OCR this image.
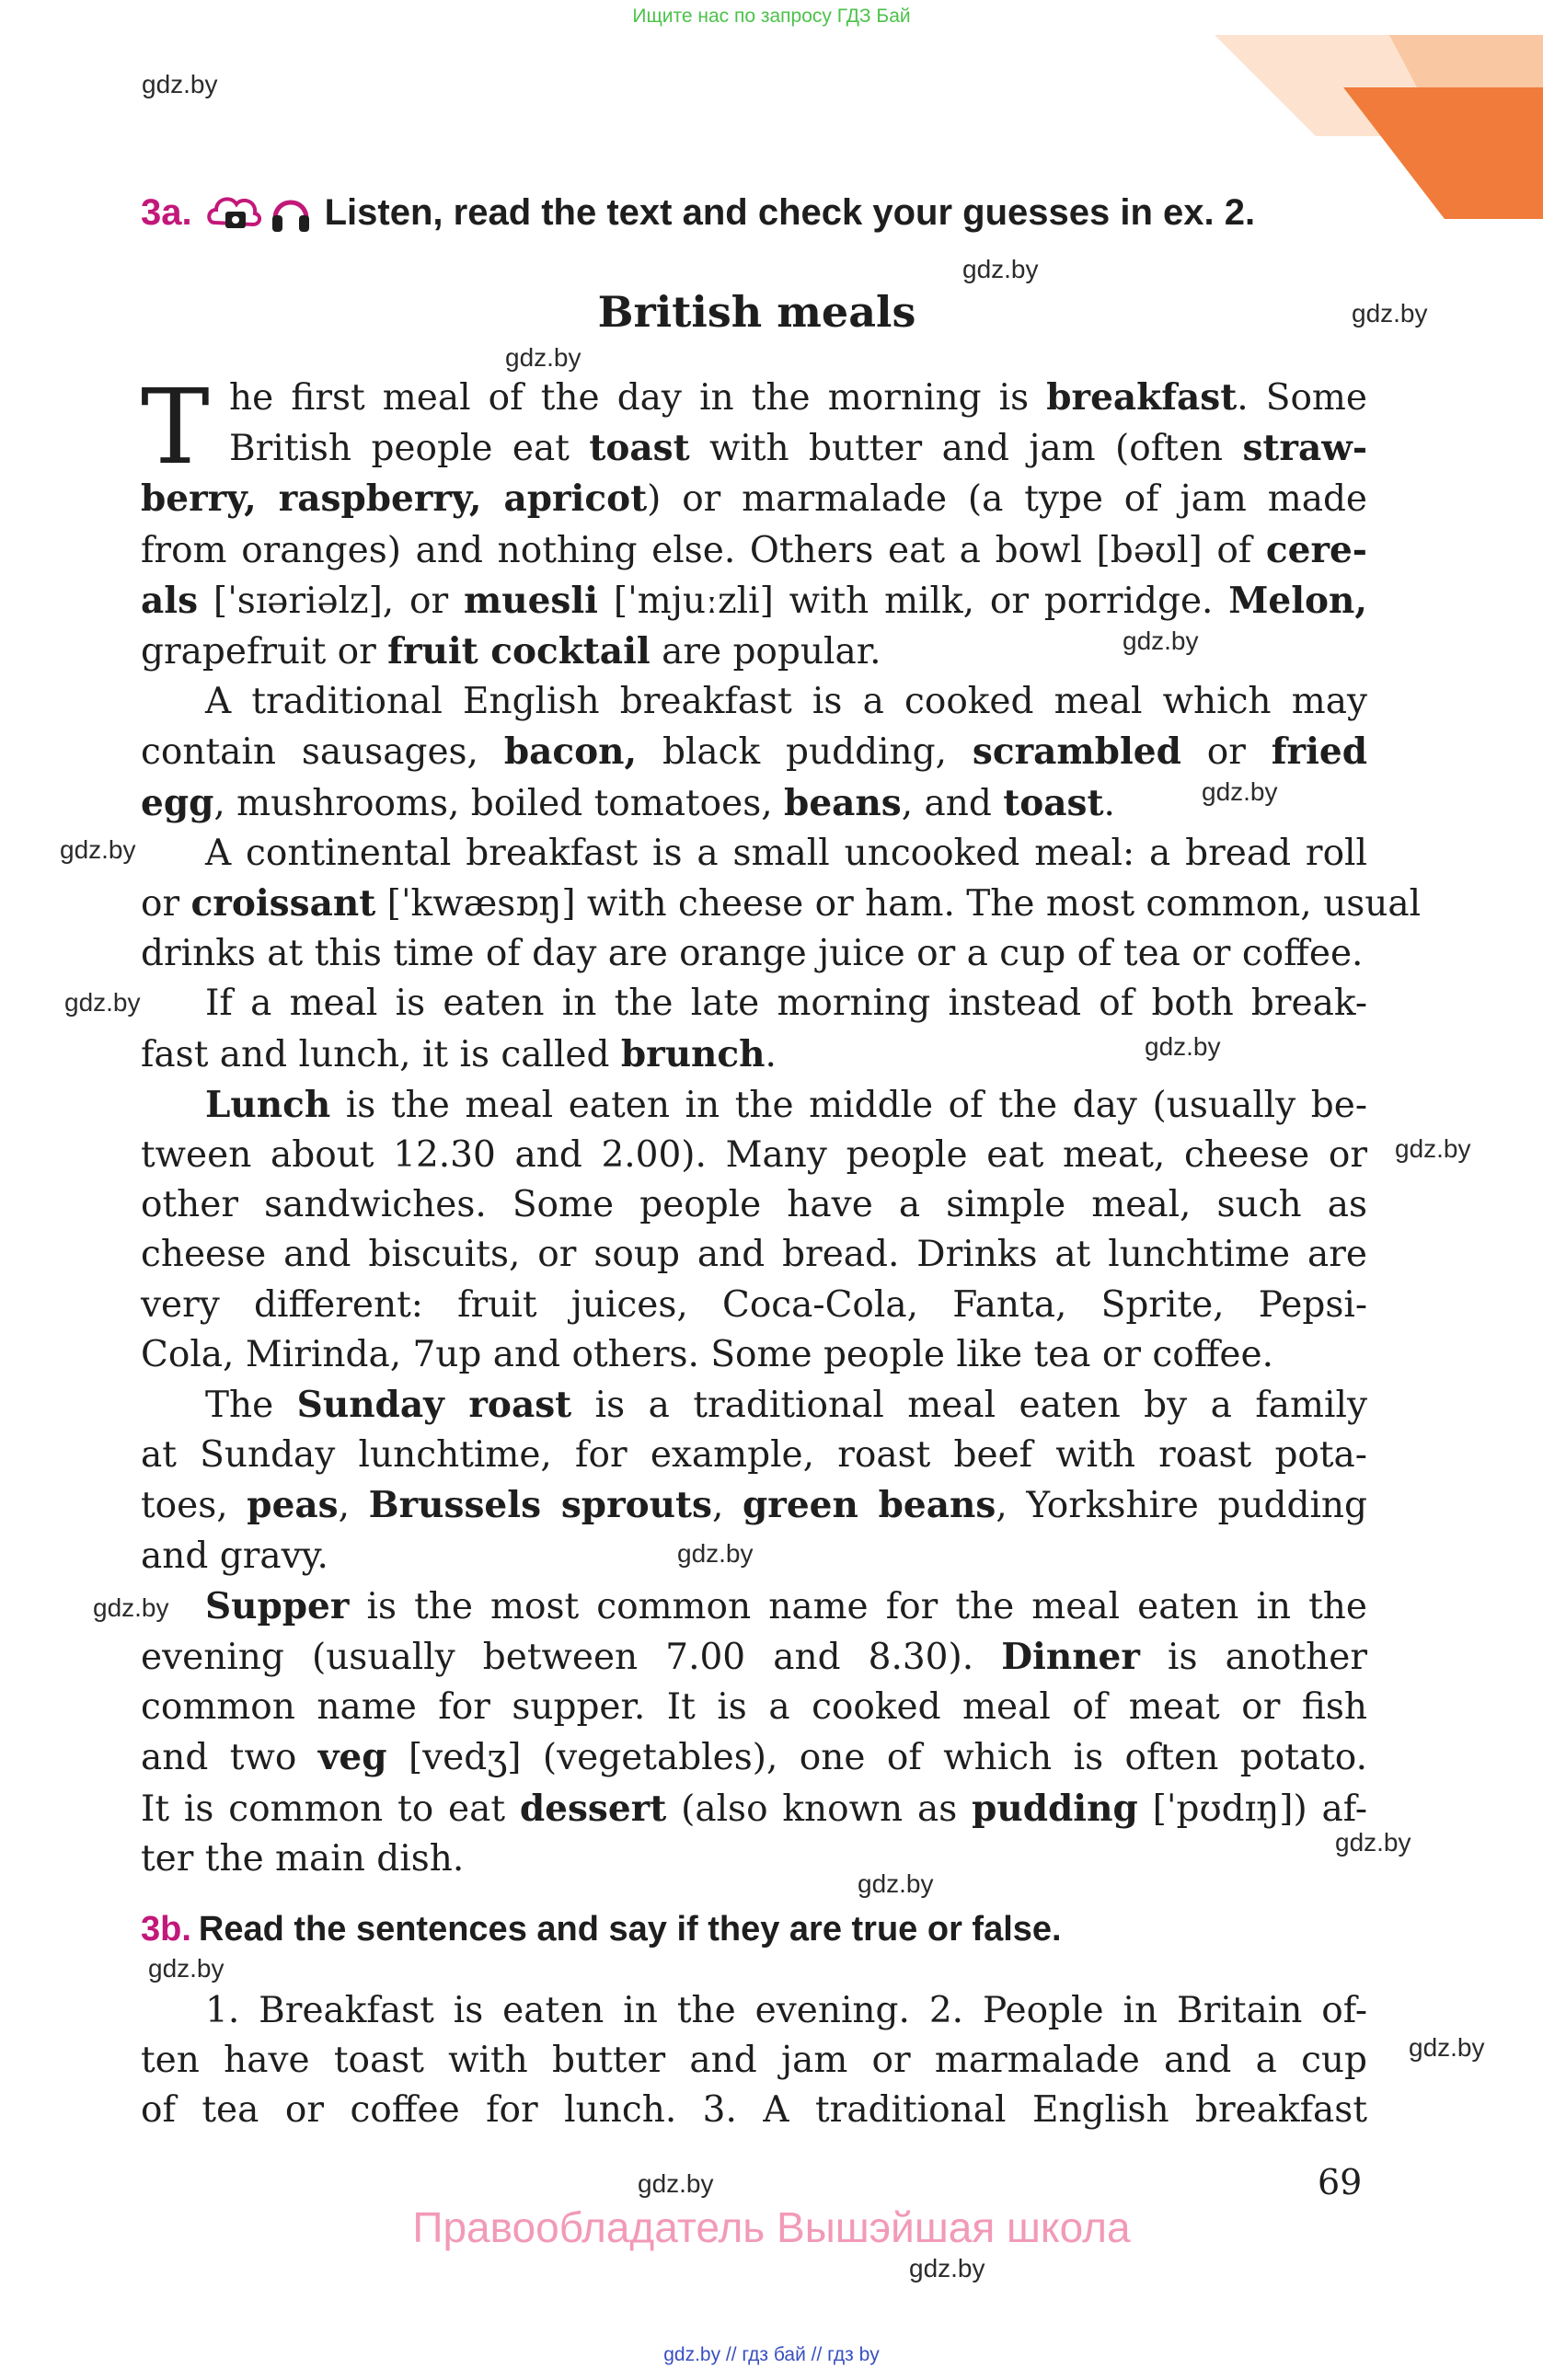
Ищите нас по запросу ГДЗ Бай
gdz.by
gdz.by
gdz.by
gdz.by
gdz.by
gdz.by
gdz.by
gdz.by
gdz.by
gdz.by
gdz.by
gdz.by
gdz.by
gdz.by
gdz.by
gdz.by
gdz.by
gdz.by
3a.	Listen, read the text and check your guesses in ex. 2.
British meals
T he first meal of the day in the morning is breakfast. Some
British people eat toast with butter and jam (often straw-
berry, raspberry, apricot) or marmalade (a type of jam made
from oranges) and nothing else. Others eat a bowl [bəʊl] of cere-
als [ˈsɪəriəlz], or muesli [ˈmjuːzli] with milk, or porridge. Melon,
grapefruit or fruit cocktail are popular.
A traditional English breakfast is a cooked meal which may
contain sausages, bacon, black pudding, scrambled or fried
egg, mushrooms, boiled tomatoes, beans, and toast.
A continental breakfast is a small uncooked meal: a bread roll
or croissant [ˈkwæsɒŋ] with cheese or ham. The most common, usual
drinks at this time of day are orange juice or a cup of tea or coffee.
If a meal is eaten in the late morning instead of both break-
fast and lunch, it is called brunch.
Lunch is the meal eaten in the middle of the day (usually be-
tween about 12.30 and 2.00). Many people eat meat, cheese or
other sandwiches. Some people have a simple meal, such as
cheese and biscuits, or soup and bread. Drinks at lunchtime are
very different: fruit juices, Coca-Cola, Fanta, Sprite, Pepsi-
Cola, Mirinda, 7up and others. Some people like tea or coffee.
The Sunday roast is a traditional meal eaten by a family
at Sunday lunchtime, for example, roast beef with roast pota-
toes, peas, Brussels sprouts, green beans, Yorkshire pudding
and gravy.
Supper is the most common name for the meal eaten in the
evening (usually between 7.00 and 8.30). Dinner is another
common name for supper. It is a cooked meal of meat or fish
and two veg [vedʒ] (vegetables), one of which is often potato.
It is common to eat dessert (also known as pudding [ˈpʊdɪŋ]) af-
ter the main dish.
3b. Read the sentences and say if they are true or false.
1. Breakfast is eaten in the evening. 2. People in Britain of-
ten have toast with butter and jam or marmalade and a cup
of tea or coffee for lunch. 3. A traditional English breakfast
69
Правообладатель Вышэйшая школа
gdz.by // гдз бай // гдз by
